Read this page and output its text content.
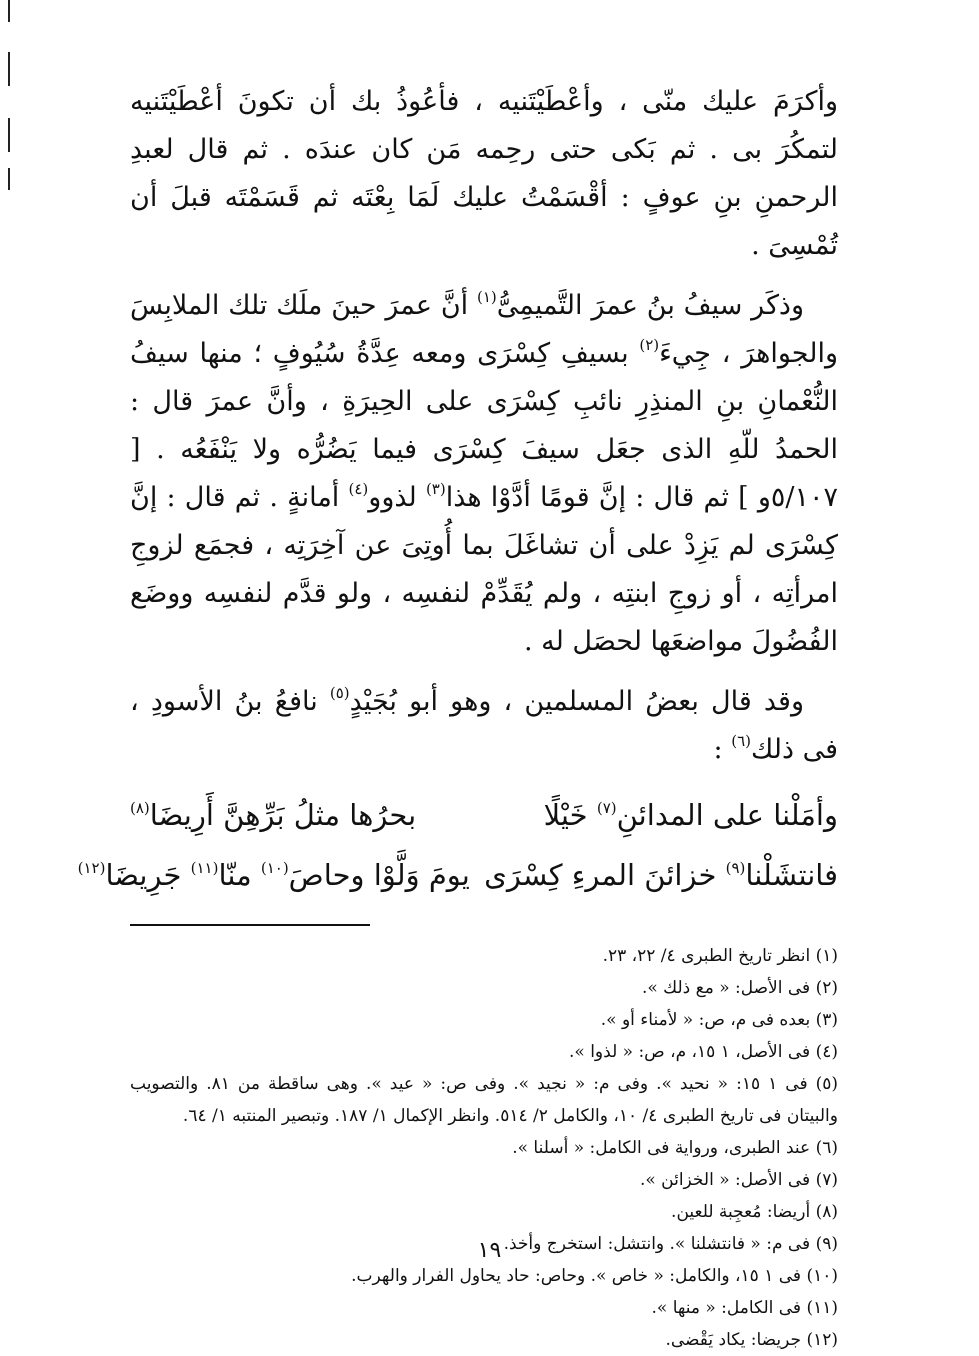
وأكرَمَ عليك منّى ، وأعْطَيْتَنيه ، فأعُوذُ بك أن تكونَ أعْطَيْتَنيه لتمكُرَ بى . ثم بَكى حتى رحِمه مَن كان عندَه . ثم قال لعبدِ الرحمنِ بنِ عوفٍ : أقْسَمْتُ عليك لَمَا بِعْتَه ثم قَسَمْتَه قبلَ أن تُمْسِىَ .

وذكَر سيفُ بنُ عمرَ التَّميمِىُّ$^{(١)}$ أنَّ عمرَ حينَ ملَك تلك الملابِسَ والجواهرَ ، جِيءَ$^{(٢)}$ بسيفِ كِسْرَى ومعه عِدَّةُ سُيُوفٍ ؛ منها سيفُ النُّعْمانِ بنِ المنذِرِ نائبِ كِسْرَى على الحِيرَةِ ، وأنَّ عمرَ قال : الحمدُ للّهِ الذى جعَل سيفَ كِسْرَى فيما يَضُرُّه ولا يَنْفَعُه . [ ٥/١٠٧و ] ثم قال : إنَّ قومًا أدَّوْا هذا$^{(٣)}$ لذوو$^{(٤)}$ أمانةٍ . ثم قال : إنَّ كِسْرَى لم يَزِدْ على أن تشاغَلَ بما أُوتِىَ عن آخِرَتِه ، فجمَع لزوجِ امرأتِه ، أو زوجِ ابنتِه ، ولم يُقَدِّمْ لنفسِه ، ولو قدَّم لنفسِه ووضَع الفُضُولَ مواضعَها لحصَل له .

وقد قال بعضُ المسلمين ، وهو أبو بُجَيْدٍ$^{(٥)}$ نافعُ بنُ الأسودِ ، فى ذلك$^{(٦)}$ :

وأمَلْنا على المدائنِ$^{(٧)}$ خَيْلًا
بحرُها مثلُ بَرِّهِنَّ أَرِيضَا$^{(٨)}$
فانتشَلْنا$^{(٩)}$ خزائنَ المرءِ كِسْرَى
يومَ وَلَّوْا وحاصَ$^{(١٠)}$ منّا$^{(١١)}$ جَرِيضَا$^{(١٢)}$

(١) انظر تاريخ الطبرى ٤/ ٢٢، ٢٣.

(٢) فى الأصل: « مع ذلك ».

(٣) بعده فى م، ص: « لأمناء أو ».

(٤) فى الأصل، ١ ١٥، م، ص: « لذوا ».

(٥) فى ١ ١٥: « نحيد ». وفى م: « نجيد ». وفى ص: « عيد ». وهى ساقطة من ٨١. والتصويب والبيتان فى تاريخ الطبرى ٤/ ١٠، والكامل ٢/ ٥١٤. وانظر الإكمال ١/ ١٨٧. وتبصير المنتبه ١/ ٦٤.

(٦) عند الطبرى، ورواية فى الكامل: « أسلنا ».

(٧) فى الأصل: « الخزائن ».

(٨) أريضا: مُعجِبة للعين.

(٩) فى م: « فانتشلنا ». وانتشل: استخرج وأخذ.

(١٠) فى ١ ١٥، والكامل: « خاص ». وحاص: حاد يحاول الفرار والهرب.

(١١) فى الكامل: « منها ».

(١٢) جريضا: يكاد يَقْضى.

١٩
